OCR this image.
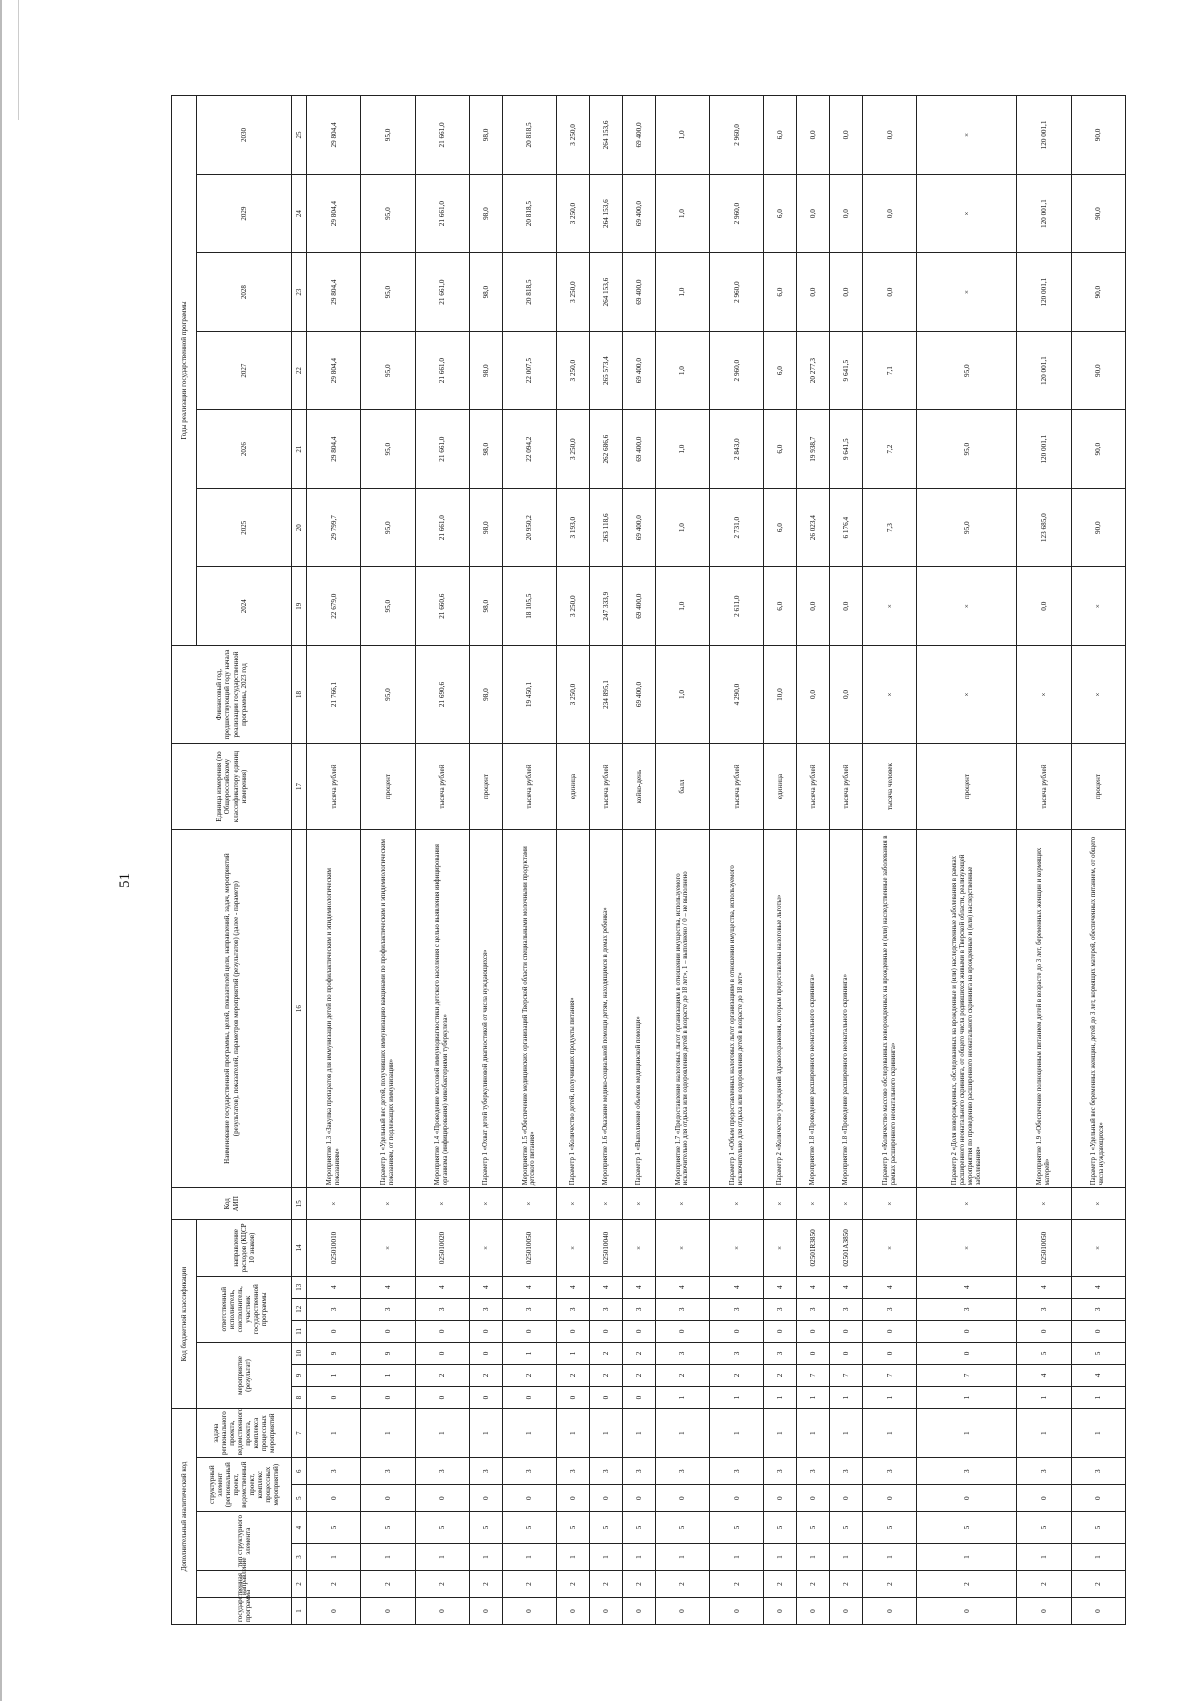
51
Дополнительный аналитический код							Код бюджетной классификации							Код АИП	Наименование государственной программы, целей, показателей цели, направлений, задач, мероприятий (результатов), показателей, параметров мероприятий (результатов) (далее - параметр)	Единица измерения (по Общероссийскому классификатору единиц измерения)	Финансовый год, предшествующий году начала реализации государственной программы, 2023 год	Годы реализации государственной программы						
государственная программа	направление	тип структурного элемента		структурный элемент (региональный проект, ведомственный проект, комплекс процессных мероприятий)		задача регионального проекта, ведомственного проекта, комплекса процессных мероприятий	мероприятие (результат)			ответственный исполнитель, соисполнитель, участник государственной программы			направление расходов (КЦСР 10 знаков)					2024	2025	2026	2027	2028	2029	2030
1	2	3	4	5	6	7	8	9	10	11	12	13	14	15	16	17	18	19	20	21	22	23	24	25
0	2	1	5	0	3	1	0	1	9	0	3	4	025010010	×	Мероприятие 1.3 «Закупка препаратов для иммунизации детей по профилактическим и эпидемиологическим показаниям»	тысяча рублей	21 766,1	22 679,0	29 799,7	29 804,4	29 804,4	29 804,4	29 804,4	29 804,4
0	2	1	5	0	3	1	0	1	9	0	3	4	×	×	Параметр 1 «Удельный вес детей, получивших иммунизацию вакцинами по профилактическим и эпидемиологическим показаниям, от подлежащих иммунизации»	процент	95,0	95,0	95,0	95,0	95,0	95,0	95,0	95,0
0	2	1	5	0	3	1	0	2	0	0	3	4	025010020	×	Мероприятие 1.4 «Проведение массовой иммунодиагностики детского населения с целью выявления инфицирования организма (инфицирования) микобактериями туберкулеза»	тысяча рублей	21 690,6	21 660,6	21 661,0	21 661,0	21 661,0	21 661,0	21 661,0	21 661,0
0	2	1	5	0	3	1	0	2	0	0	3	4	×	×	Параметр 1 «Охват детей туберкулиновой диагностикой от числа нуждающихся»	процент	98,0	98,0	98,0	98,0	98,0	98,0	98,0	98,0
0	2	1	5	0	3	1	0	2	1	0	3	4	025010050	×	Мероприятие 1.5 «Обеспечение медицинских организаций Тверской области специальными молочными продуктами детского питания»	тысяча рублей	19 450,1	18 105,5	20 950,2	22 094,2	22 007,5	20 818,5	20 818,5	20 818,5
0	2	1	5	0	3	1	0	2	1	0	3	4	×	×	Параметр 1 «Количество детей, получивших продукты питания»	единица	3 250,0	3 250,0	3 193,0	3 250,0	3 250,0	3 250,0	3 250,0	3 250,0
0	2	1	5	0	3	1	0	2	2	0	3	4	025010040	×	Мероприятие 1.6 «Оказание медико-социальной помощи детям, находящимся в домах ребенка»	тысяча рублей	234 895,1	247 333,9	263 118,6	262 686,6	265 573,4	264 153,6	264 153,6	264 153,6
0	2	1	5	0	3	1	0	2	2	0	3	4	×	×	Параметр 1 «Выполнение объемов медицинской помощи»	койко-день	69 400,0	69 400,0	69 400,0	69 400,0	69 400,0	69 400,0	69 400,0	69 400,0
0	2	1	5	0	3	1	1	2	3	0	3	4	×	×	Мероприятие 1.7 «Предоставление налоговых льгот организациям в отношении имущества, используемого исключительно для отдыха или оздоровления детей в возрасте до 18 лет», 1 – выполнено / 0 – не выполнено	балл	1,0	1,0	1,0	1,0	1,0	1,0	1,0	1,0
0	2	1	5	0	3	1	1	2	3	0	3	4	×	×	Параметр 1 «Объем предоставленных налоговых льгот организациям в отношении имущества, используемого исключительно для отдыха или оздоровления детей в возрасте до 18 лет»	тысяча рублей	4 290,0	2 611,0	2 731,0	2 843,0	2 960,0	2 960,0	2 960,0	2 960,0
0	2	1	5	0	3	1	1	2	3	0	3	4	×	×	Параметр 2 «Количество учреждений здравоохранения, которым предоставлены налоговые льготы»	единица	10,0	6,0	6,0	6,0	6,0	6,0	6,0	6,0
0	2	1	5	0	3	1	1	7	0	0	3	4	02501R3850	×	Мероприятие 1.8 «Проведение расширенного неонатального скрининга»	тысяча рублей	0,0	0,0	26 023,4	19 938,7	20 277,3	0,0	0,0	0,0
0	2	1	5	0	3	1	1	7	0	0	3	4	02501А3850	×	Мероприятие 1.8 «Проведение расширенного неонатального скрининга»	тысяча рублей	0,0	0,0	6 176,4	9 641,5	9 641,5	0,0	0,0	0,0
0	2	1	5	0	3	1	1	7	0	0	3	4	×	×	Параметр 1 «Количество массово обследованных новорожденных на врожденные и (или) наследственные заболевания в рамках расширенного неонатального скрининга»	тысяча человек	×	×	7,3	7,2	7,1	0,0	0,0	0,0
0	2	1	5	0	3	1	1	7	0	0	3	4	×	×	Параметр 2 «Доля новорожденных, обследованных на врожденные и (или) наследственные заболевания в рамках расширенного неонатального скрининга, от общего числа родившихся живыми в Тверской области, реализующей мероприятия по проведению расширенного неонатального скрининга на врожденные и (или) наследственные заболевания»	процент	×	×	95,0	95,0	95,0	×	×	×
0	2	1	5	0	3	1	1	4	5	0	3	4	025010050	×	Мероприятие 1.9 «Обеспечение полноценным питанием детей в возрасте до 3 лет, беременных женщин и кормящих матерей»	тысяча рублей	×	0,0	123 685,0	120 001,1	120 001,1	120 001,1	120 001,1	120 001,1
0	2	1	5	0	3	1	1	4	5	0	3	4	×	×	Параметр 1 «Удельный вес беременных женщин, детей до 3 лет, кормящих матерей, обеспеченных питанием, от общего числа нуждающихся»	процент	×	×	90,0	90,0	90,0	90,0	90,0	90,0
